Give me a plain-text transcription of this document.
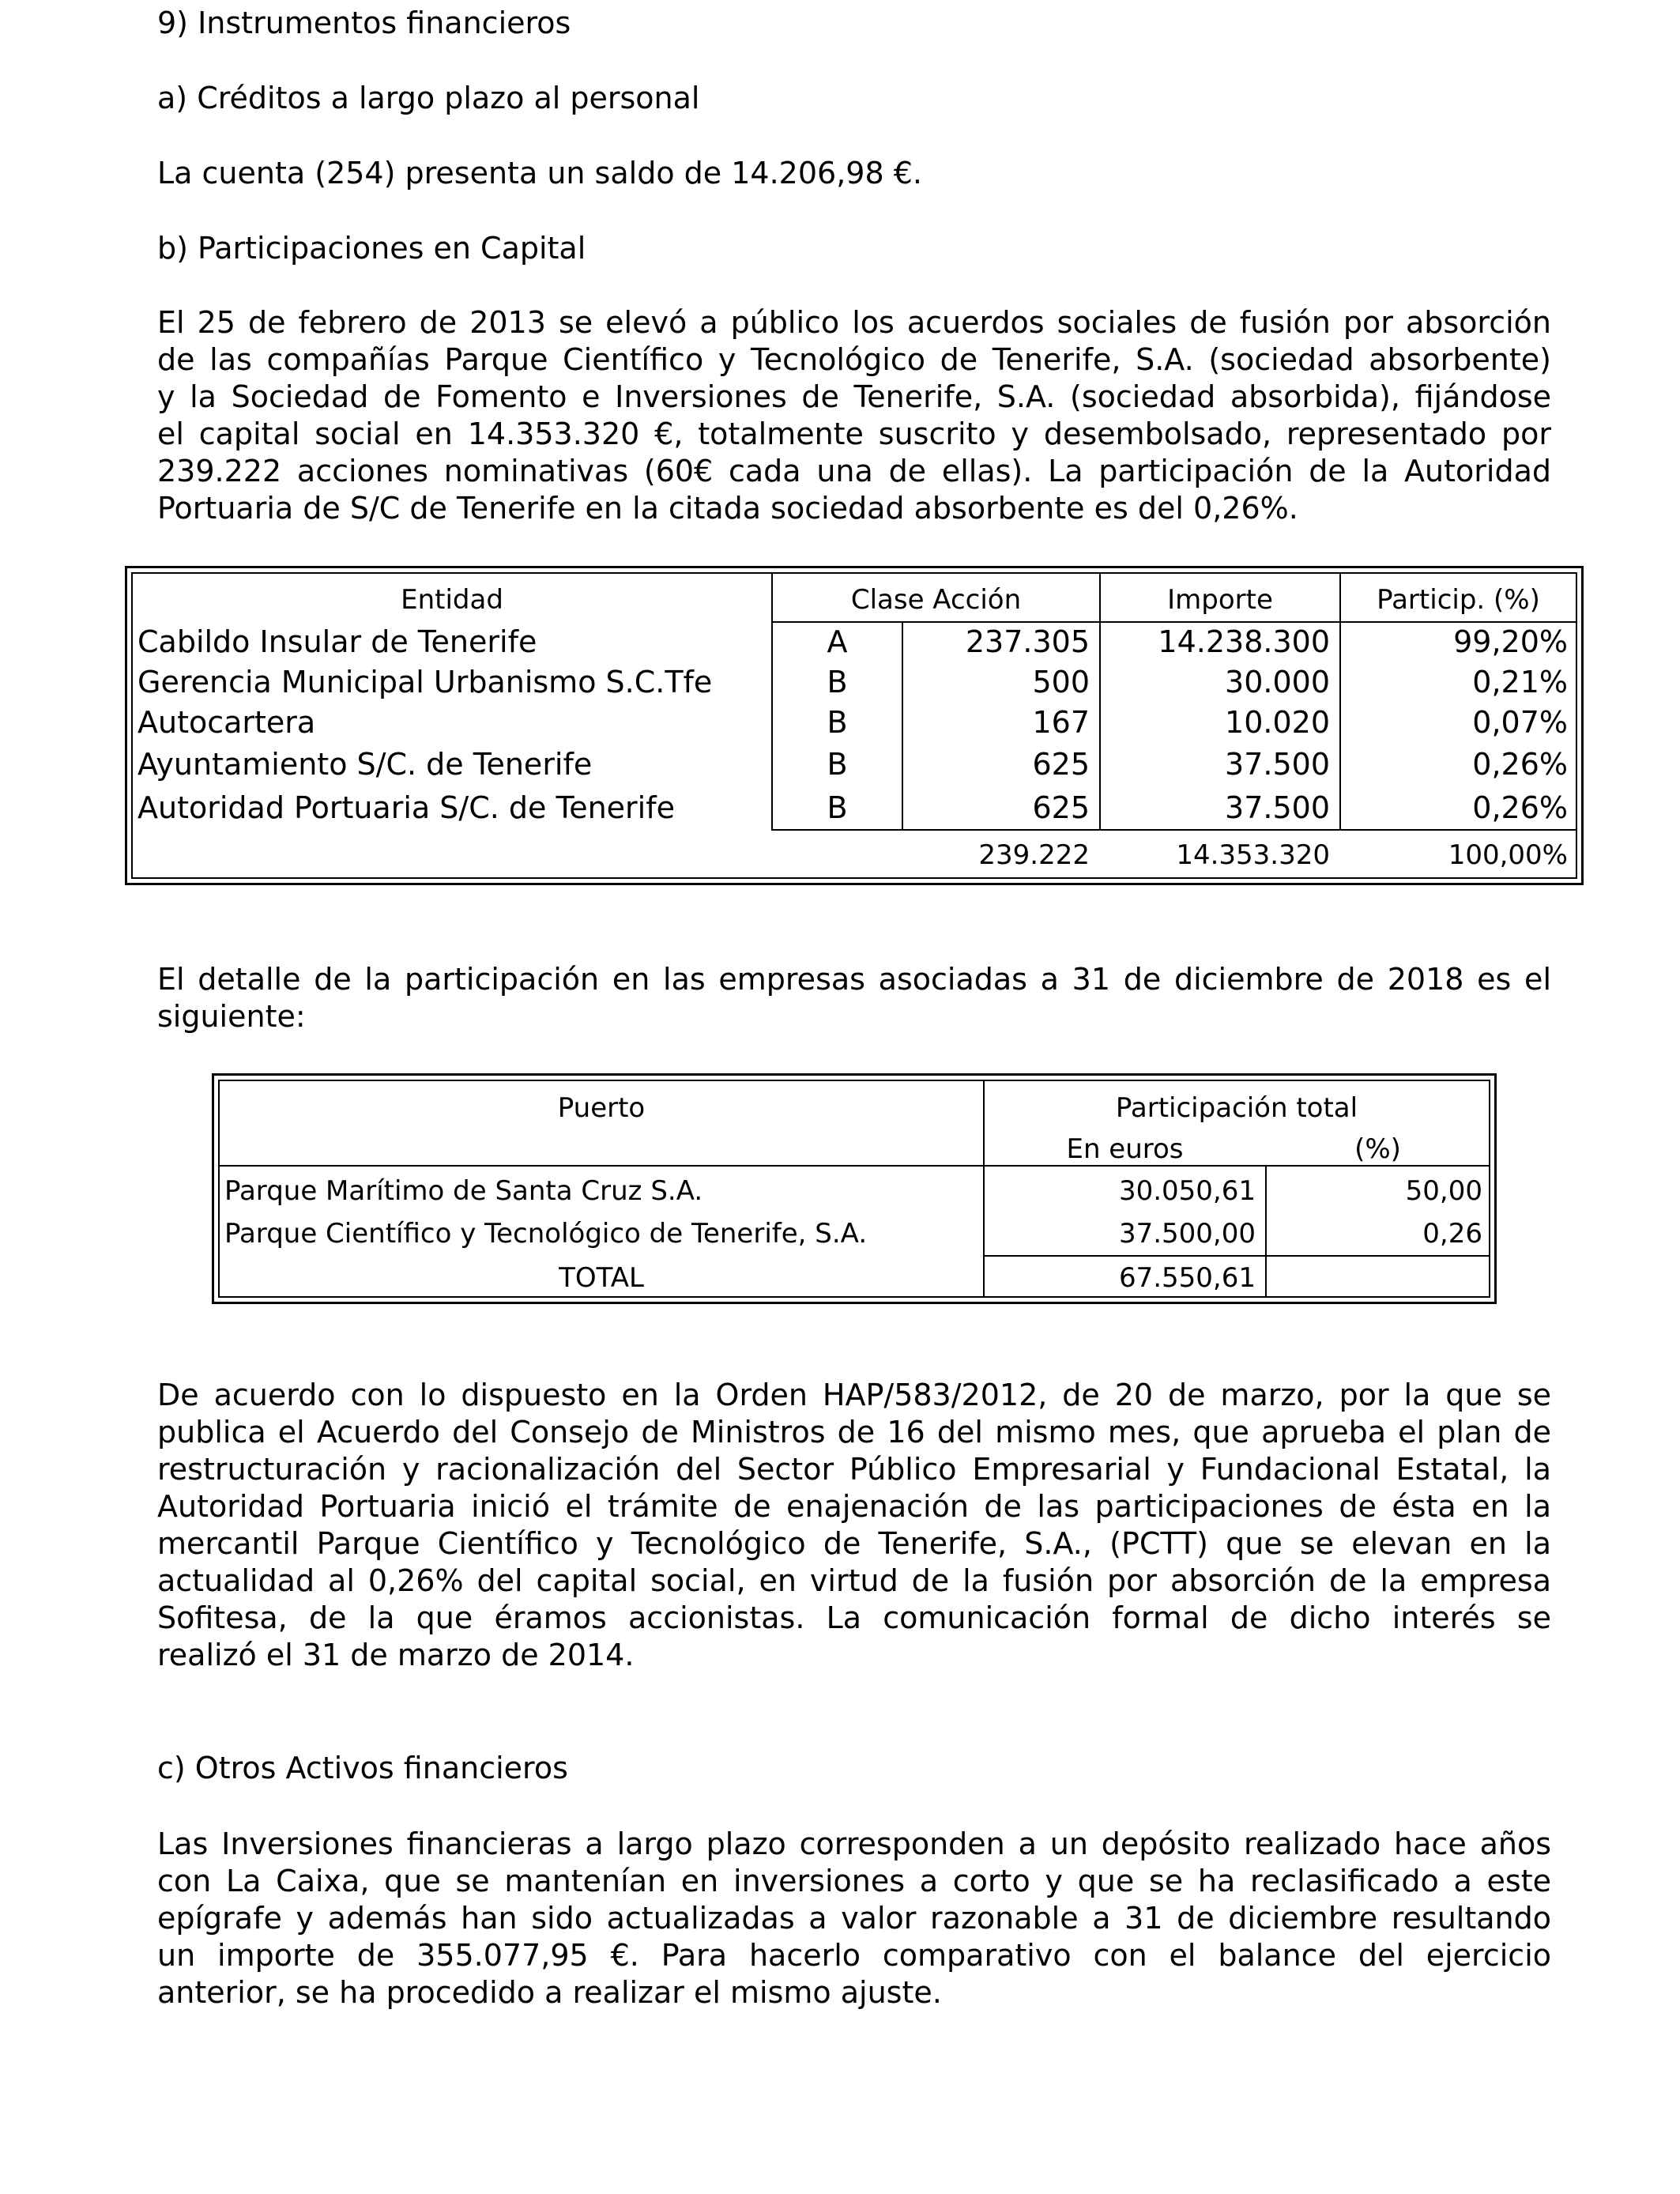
9) Instrumentos financieros
a) Créditos a largo plazo al personal
La cuenta (254) presenta un saldo de 14.206,98 €.
b) Participaciones en Capital
El 25 de febrero de 2013 se elevó a público los acuerdos sociales de fusión por absorción
de las compañías Parque Científico y Tecnológico de Tenerife, S.A. (sociedad absorbente)
y la Sociedad de Fomento e Inversiones de Tenerife, S.A. (sociedad absorbida), fijándose
el capital social en 14.353.320 €, totalmente suscrito y desembolsado, representado por
239.222 acciones nominativas (60€ cada una de ellas). La participación de la Autoridad
Portuaria de S/C de Tenerife en la citada sociedad absorbente es del 0,26%.
Entidad	Clase Acción	Importe	Particip. (%)
Cabildo Insular de Tenerife	A	237.305	14.238.300	99,20%
Gerencia Municipal Urbanismo S.C.Tfe	B	500	30.000	0,21%
Autocartera	B	167	10.020	0,07%
Ayuntamiento S/C. de Tenerife	B	625	37.500	0,26%
Autoridad Portuaria S/C. de Tenerife	B	625	37.500	0,26%
239.222	14.353.320	100,00%
El detalle de la participación en las empresas asociadas a 31 de diciembre de 2018 es el
siguiente:
Puerto	Participación total
En euros	(%)
Parque Marítimo de Santa Cruz S.A.	30.050,61	50,00
Parque Científico y Tecnológico de Tenerife, S.A.	37.500,00	0,26
TOTAL	67.550,61
De acuerdo con lo dispuesto en la Orden HAP/583/2012, de 20 de marzo, por la que se
publica el Acuerdo del Consejo de Ministros de 16 del mismo mes, que aprueba el plan de
restructuración y racionalización del Sector Público Empresarial y Fundacional Estatal, la
Autoridad Portuaria inició el trámite de enajenación de las participaciones de ésta en la
mercantil Parque Científico y Tecnológico de Tenerife, S.A., (PCTT) que se elevan en la
actualidad al 0,26% del capital social, en virtud de la fusión por absorción de la empresa
Sofitesa, de la que éramos accionistas. La comunicación formal de dicho interés se
realizó el 31 de marzo de 2014.
c) Otros Activos financieros
Las Inversiones financieras a largo plazo corresponden a un depósito realizado hace años
con La Caixa, que se mantenían en inversiones a corto y que se ha reclasificado a este
epígrafe y además han sido actualizadas a valor razonable a 31 de diciembre resultando
un importe de 355.077,95 €. Para hacerlo comparativo con el balance del ejercicio
anterior, se ha procedido a realizar el mismo ajuste.
